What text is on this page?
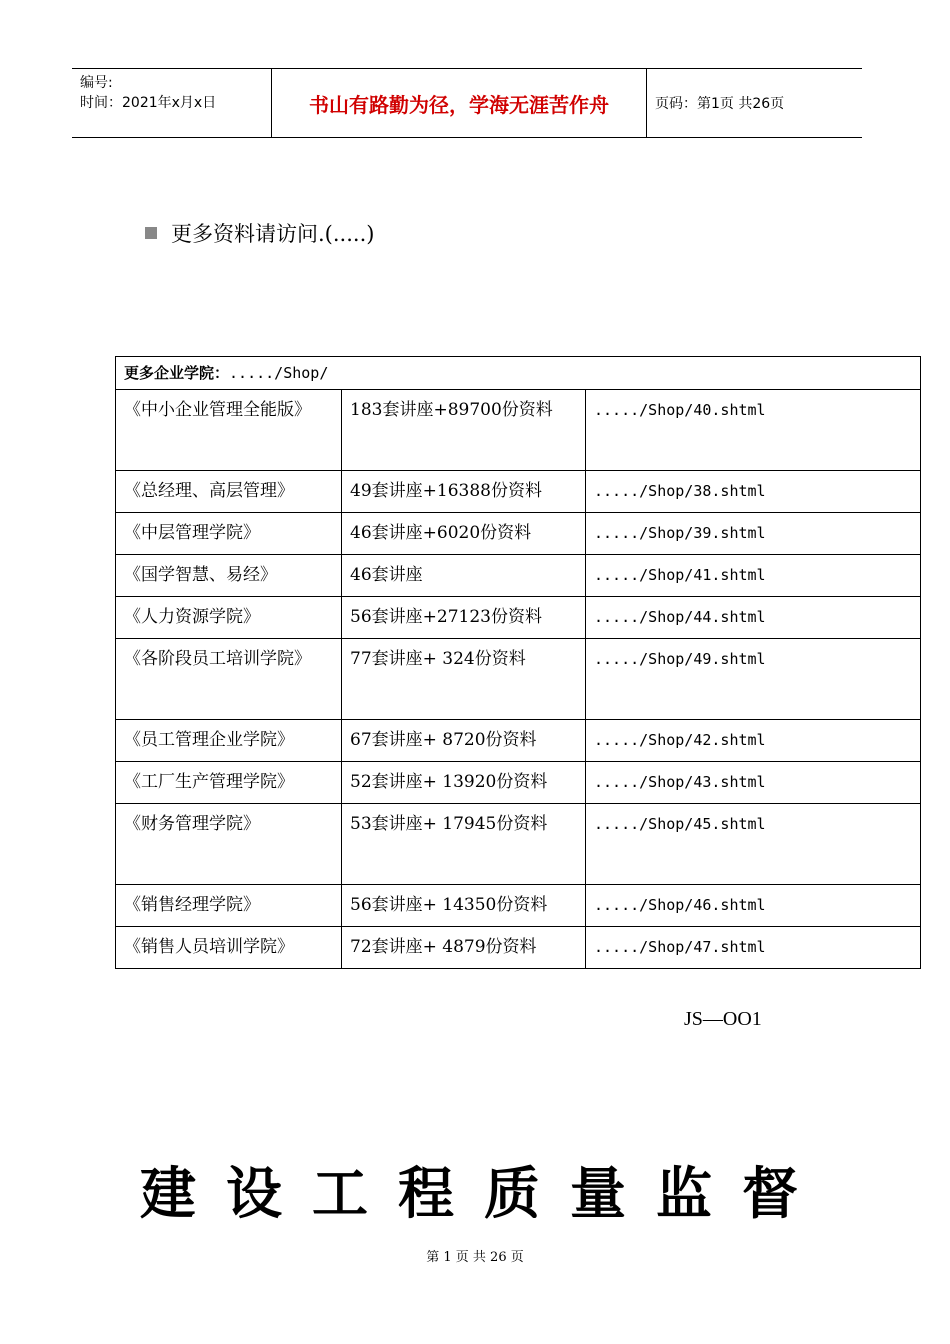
编号:
时间：2021年x月x日	书山有路勤为径，学海无涯苦作舟	页码：第1页 共26页
更多资料请访问.(.....)
更多企业学院：...../Shop/		
《中小企业管理全能版》	183套讲座+89700份资料	...../Shop/40.shtml
《总经理、高层管理》	49套讲座+16388份资料	...../Shop/38.shtml
《中层管理学院》	46套讲座+6020份资料	...../Shop/39.shtml
《国学智慧、易经》	46套讲座	...../Shop/41.shtml
《人力资源学院》	56套讲座+27123份资料	...../Shop/44.shtml
《各阶段员工培训学院》	77套讲座+ 324份资料	...../Shop/49.shtml
《员工管理企业学院》	67套讲座+ 8720份资料	...../Shop/42.shtml
《工厂生产管理学院》	52套讲座+ 13920份资料	...../Shop/43.shtml
《财务管理学院》	53套讲座+ 17945份资料	...../Shop/45.shtml
《销售经理学院》	56套讲座+ 14350份资料	...../Shop/46.shtml
《销售人员培训学院》	72套讲座+ 4879份资料	...../Shop/47.shtml
JS—OO1
建设工程质量监督
第 1 页 共 26 页
